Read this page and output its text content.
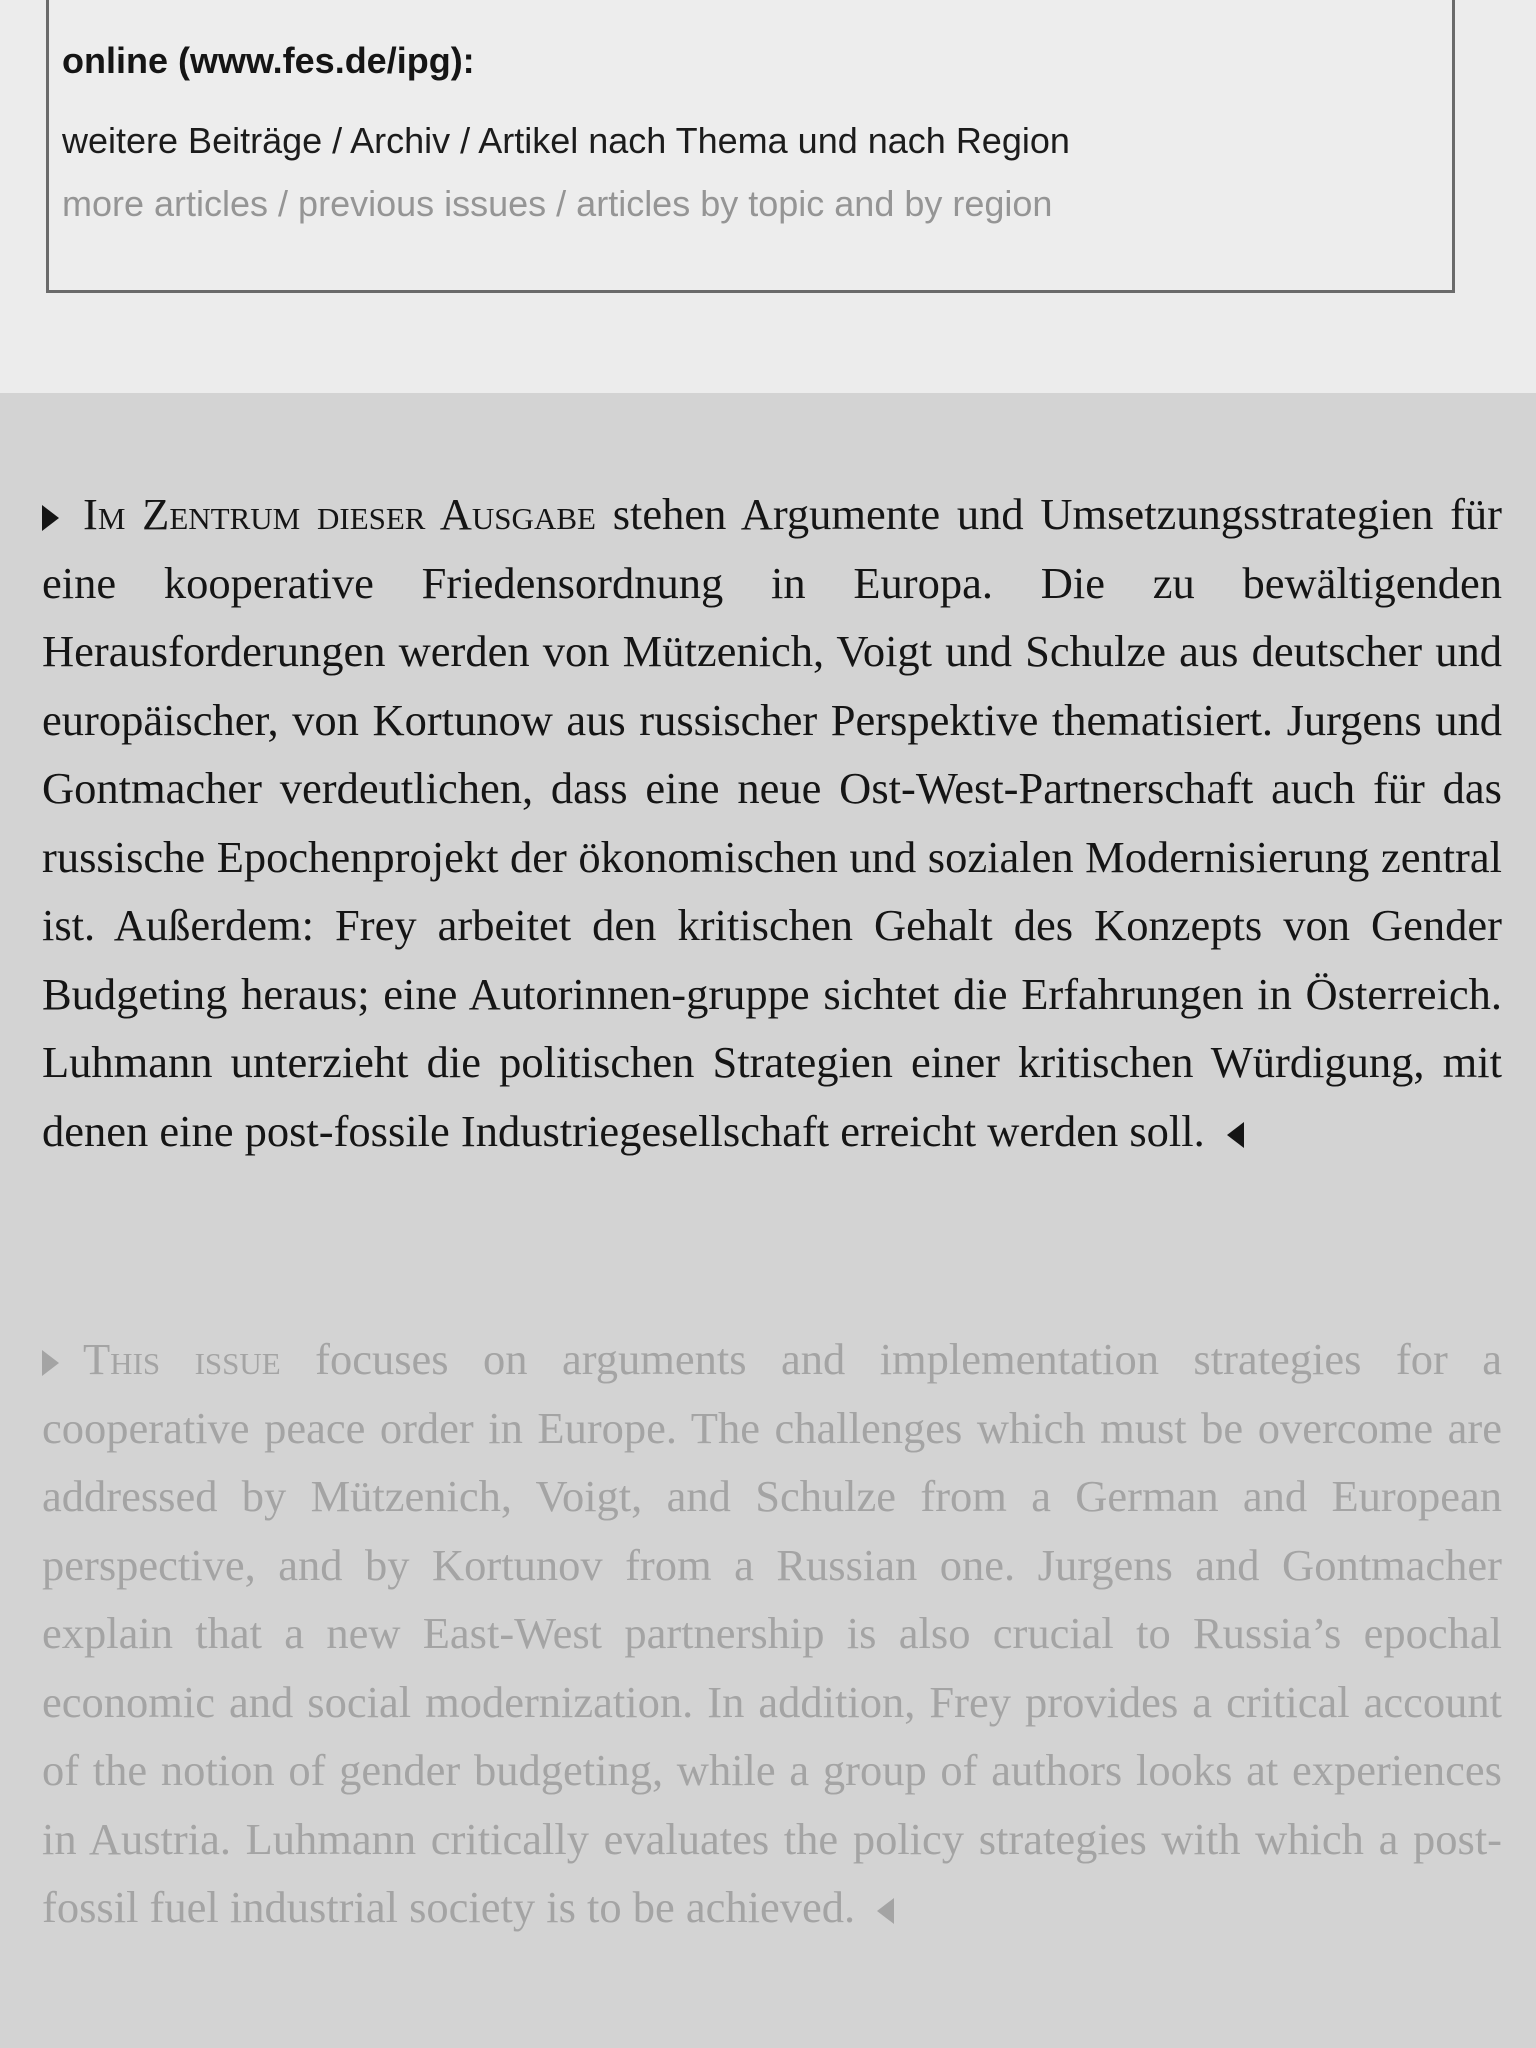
online (www.fes.de/ipg):
weitere Beiträge / Archiv / Artikel nach Thema und nach Region
more articles / previous issues / articles by topic and by region

Im Zentrum dieser Ausgabe stehen Argumente und Umsetzungsstrategien für eine kooperative Friedensordnung in Europa. Die zu bewältigenden Herausforderungen werden von Mützenich, Voigt und Schulze aus deutscher und europäischer, von Kortunow aus russischer Perspektive thematisiert. Jurgens und Gontmacher verdeutlichen, dass eine neue Ost-West-Partnerschaft auch für das russische Epochenprojekt der ökonomischen und sozialen Modernisierung zentral ist. Außerdem: Frey arbeitet den kritischen Gehalt des Konzepts von Gender Budgeting heraus; eine Autorinnen-gruppe sichtet die Erfahrungen in Österreich. Luhmann unterzieht die politischen Strategien einer kritischen Würdigung, mit denen eine post-fossile Industriegesellschaft erreicht werden soll.

This issue focuses on arguments and implementation strategies for a cooperative peace order in Europe. The challenges which must be overcome are addressed by Mützenich, Voigt, and Schulze from a German and European perspective, and by Kortunov from a Russian one. Jurgens and Gontmacher explain that a new East-West partnership is also crucial to Russia’s epochal economic and social modernization. In addition, Frey provides a critical account of the notion of gender budgeting, while a group of authors looks at experiences in Austria. Luhmann critically evaluates the policy strategies with which a post-fossil fuel industrial society is to be achieved.
